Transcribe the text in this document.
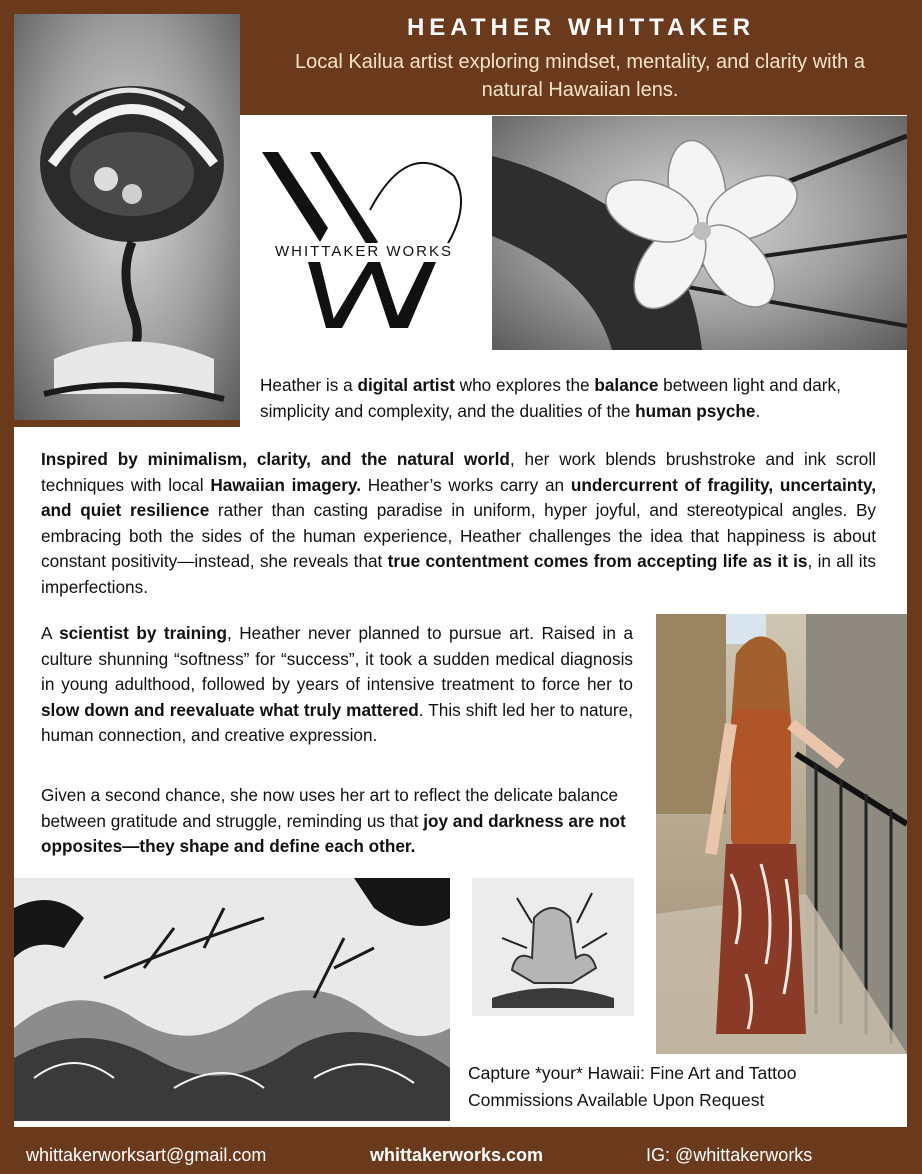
HEATHER WHITTAKER
Local Kailua artist exploring mindset, mentality, and clarity with a natural Hawaiian lens.
WHITTAKER WORKS
Heather is a digital artist who explores the balance between light and dark, simplicity and complexity, and the dualities of the human psyche.
Inspired by minimalism, clarity, and the natural world, her work blends brushstroke and ink scroll techniques with local Hawaiian imagery. Heather’s works carry an undercurrent of fragility, uncertainty, and quiet resilience rather than casting paradise in uniform, hyper joyful, and stereotypical angles. By embracing both the sides of the human experience, Heather challenges the idea that happiness is about constant positivity—instead, she reveals that true contentment comes from accepting life as it is, in all its imperfections.
A scientist by training, Heather never planned to pursue art. Raised in a culture shunning “softness” for “success”, it took a sudden medical diagnosis in young adulthood, followed by years of intensive treatment to force her to slow down and reevaluate what truly mattered. This shift led her to nature, human connection, and creative expression.
Given a second chance, she now uses her art to reflect the delicate balance between gratitude and struggle, reminding us that joy and darkness are not opposites—they shape and define each other.
Capture *your* Hawaii: Fine Art and Tattoo
Commissions Available Upon Request
whittakerworksart@gmail.com	whittakerworks.com	IG: @whittakerworks
